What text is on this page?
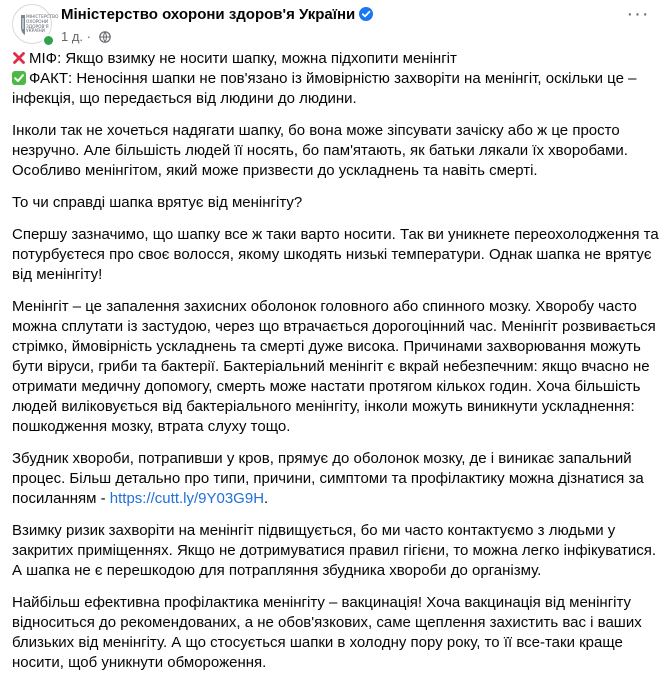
МІНІСТЕРСТВО
ОХОРОНИ
ЗДОРОВ'Я
УКРАЇНИ
Міністерство охорони здоров'я України
1 д. ·
···

МІФ: Якщо взимку не носити шапку, можна підхопити менінгіт
ФАКТ: Неносіння шапки не пов'язано із ймовірністю захворіти на менінгіт, оскільки це – інфекція, що передається від людини до людини.

Інколи так не хочеться надягати шапку, бо вона може зіпсувати зачіску або ж це просто незручно. Але більшість людей її носять, бо пам'ятають, як батьки лякали їх хворобами. Особливо менінгітом, який може призвести до ускладнень та навіть смерті.

То чи справді шапка врятує від менінгіту?

Спершу зазначимо, що шапку все ж таки варто носити. Так ви уникнете переохолодження та потурбуєтеся про своє волосся, якому шкодять низькі температури. Однак шапка не врятує від менінгіту!

Менінгіт – це запалення захисних оболонок головного або спинного мозку. Хворобу часто можна сплутати із застудою, через що втрачається дорогоцінний час. Менінгіт розвивається стрімко, ймовірність ускладнень та смерті дуже висока. Причинами захворювання можуть бути віруси, гриби та бактерії. Бактеріальний менінгіт є вкрай небезпечним: якщо вчасно не отримати медичну допомогу, смерть може настати протягом кількох годин. Хоча більшість людей виліковується від бактеріального менінгіту, інколи можуть виникнути ускладнення: пошкодження мозку, втрата слуху тощо.

Збудник хвороби, потрапивши у кров, прямує до оболонок мозку, де і виникає запальний процес. Більш детально про типи, причини, симптоми та профілактику можна дізнатися за посиланням - https://cutt.ly/9Y03G9H.

Взимку ризик захворіти на менінгіт підвищується, бо ми часто контактуємо з людьми у закритих приміщеннях. Якщо не дотримуватися правил гігієни, то можна легко інфікуватися. А шапка не є перешкодою для потрапляння збудника хвороби до організму.

Найбільш ефективна профілактика менінгіту – вакцинація! Хоча вакцинація від менінгіту відноситься до рекомендованих, а не обов'язкових, саме щеплення захистить вас і ваших близьких від менінгіту. А що стосується шапки в холодну пору року, то її все-таки краще носити, щоб уникнути обмороження.
